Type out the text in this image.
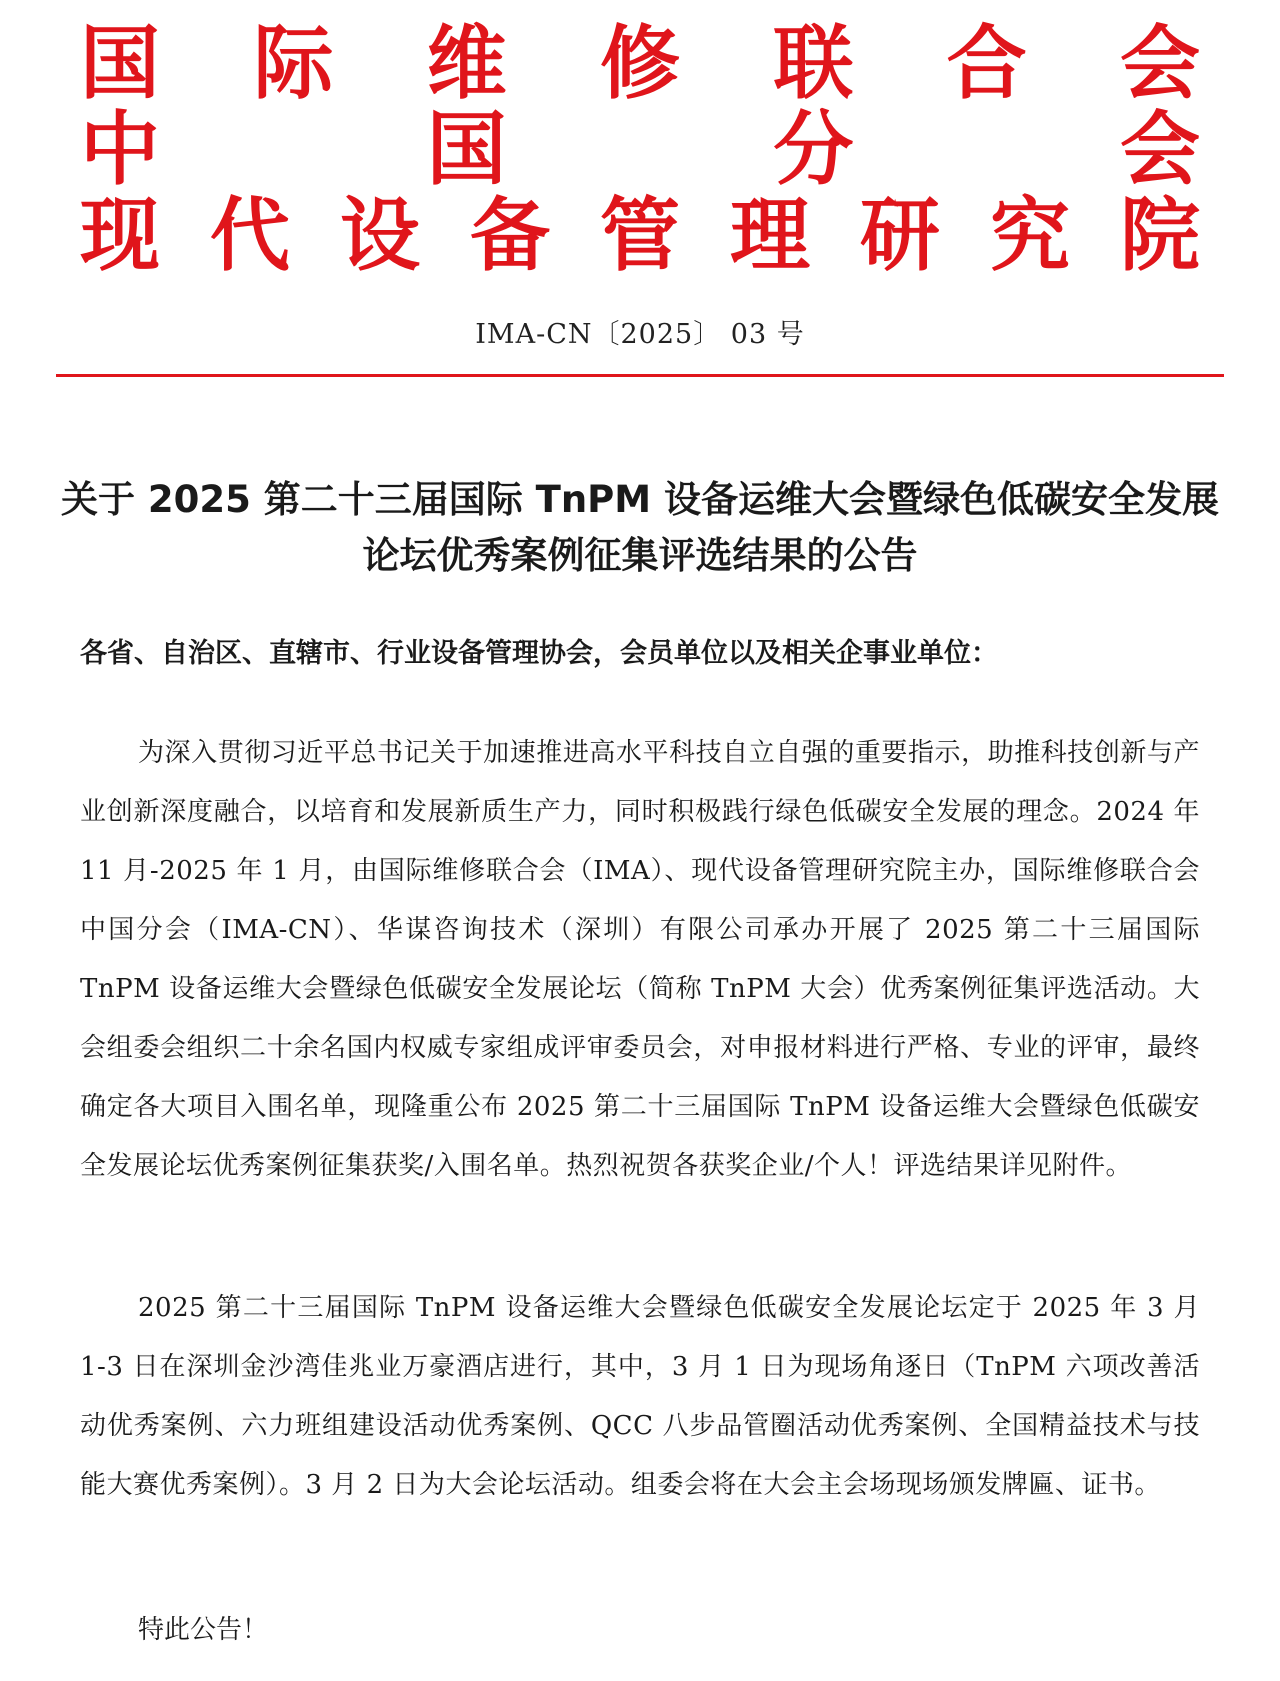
国 际 维 修 联 合 会
中	国	分	会
现 代 设 备 管 理 研 究 院
IMA-CN〔2025〕 03 号
关于 2025 第二十三届国际 TnPM 设备运维大会暨绿色低碳安全发展
论坛优秀案例征集评选结果的公告
各省、自治区、直辖市、行业设备管理协会，会员单位以及相关企事业单位：
为深入贯彻习近平总书记关于加速推进高水平科技自立自强的重要指示，助推科技创新与产业创新深度融合，以培育和发展新质生产力，同时积极践行绿色低碳安全发展的理念。2024 年 11 月-2025 年 1 月，由国际维修联合会（IMA）、现代设备管理研究院主办，国际维修联合会中国分会（IMA-CN）、华谋咨询技术（深圳）有限公司承办开展了 2025 第二十三届国际 TnPM 设备运维大会暨绿色低碳安全发展论坛（简称 TnPM 大会）优秀案例征集评选活动。大会组委会组织二十余名国内权威专家组成评审委员会，对申报材料进行严格、专业的评审，最终确定各大项目入围名单，现隆重公布 2025 第二十三届国际 TnPM 设备运维大会暨绿色低碳安全发展论坛优秀案例征集获奖/入围名单。热烈祝贺各获奖企业/个人！评选结果详见附件。
2025 第二十三届国际 TnPM 设备运维大会暨绿色低碳安全发展论坛定于 2025 年 3 月 1-3 日在深圳金沙湾佳兆业万豪酒店进行，其中，3 月 1 日为现场角逐日（TnPM 六项改善活动优秀案例、六力班组建设活动优秀案例、QCC 八步品管圈活动优秀案例、全国精益技术与技能大赛优秀案例）。3 月 2 日为大会论坛活动。组委会将在大会主会场现场颁发牌匾、证书。
特此公告！
